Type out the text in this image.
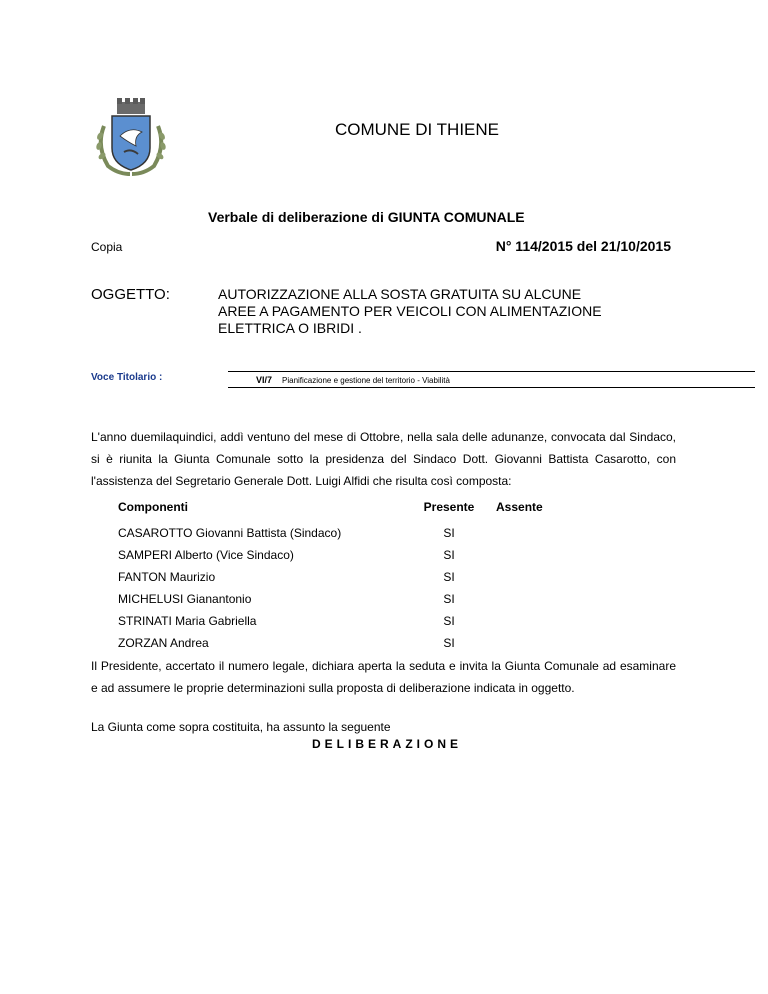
COMUNE DI THIENE
Verbale di deliberazione di GIUNTA COMUNALE
Copia	N° 114/2015 del 21/10/2015
OGGETTO:	AUTORIZZAZIONE ALLA SOSTA GRATUITA SU ALCUNE
AREE A PAGAMENTO PER VEICOLI CON ALIMENTAZIONE
ELETTRICA O IBRIDI .
Voce Titolario :	VI/7 Pianificazione e gestione del territorio - Viabilità
L'anno duemilaquindici, addì ventuno del mese di Ottobre, nella sala delle adunanze, convocata dal Sindaco, si è riunita la Giunta Comunale sotto la presidenza del Sindaco Dott. Giovanni Battista Casarotto, con l'assistenza del Segretario Generale Dott. Luigi Alfidi che risulta così composta:
Componenti	Presente	Assente
CASAROTTO Giovanni Battista (Sindaco)	SI
SAMPERI Alberto (Vice Sindaco)	SI
FANTON Maurizio	SI
MICHELUSI Gianantonio	SI
STRINATI Maria Gabriella	SI
ZORZAN Andrea	SI
Il Presidente, accertato il numero legale, dichiara aperta la seduta e invita la Giunta Comunale ad esaminare e ad assumere le proprie determinazioni sulla proposta di deliberazione indicata in oggetto.
La Giunta come sopra costituita, ha assunto la seguente
DELIBERAZIONE
